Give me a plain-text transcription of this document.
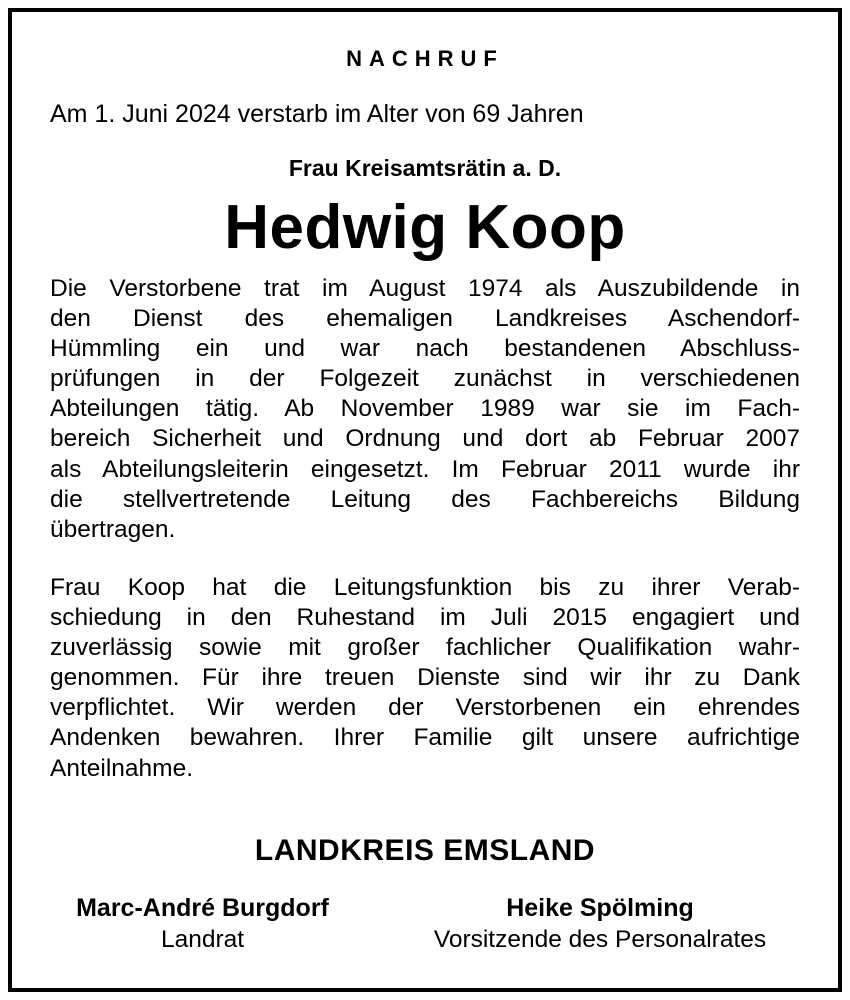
NACHRUF
Am 1. Juni 2024 verstarb im Alter von 69 Jahren
Frau Kreisamtsrätin a. D.
Hedwig Koop
Die Verstorbene trat im August 1974 als Auszubildende in
den Dienst des ehemaligen Landkreises Aschendorf-
Hümmling ein und war nach bestandenen Abschluss-
prüfungen in der Folgezeit zunächst in verschiedenen
Abteilungen tätig. Ab November 1989 war sie im Fach-
bereich Sicherheit und Ordnung und dort ab Februar 2007
als Abteilungsleiterin eingesetzt. Im Februar 2011 wurde ihr
die stellvertretende Leitung des Fachbereichs Bildung
übertragen.
Frau Koop hat die Leitungsfunktion bis zu ihrer Verab-
schiedung in den Ruhestand im Juli 2015 engagiert und
zuverlässig sowie mit großer fachlicher Qualifikation wahr-
genommen. Für ihre treuen Dienste sind wir ihr zu Dank
verpflichtet. Wir werden der Verstorbenen ein ehrendes
Andenken bewahren. Ihrer Familie gilt unsere aufrichtige
Anteilnahme.
LANDKREIS EMSLAND
Marc-André Burgdorf
Landrat
Heike Spölming
Vorsitzende des Personalrates
